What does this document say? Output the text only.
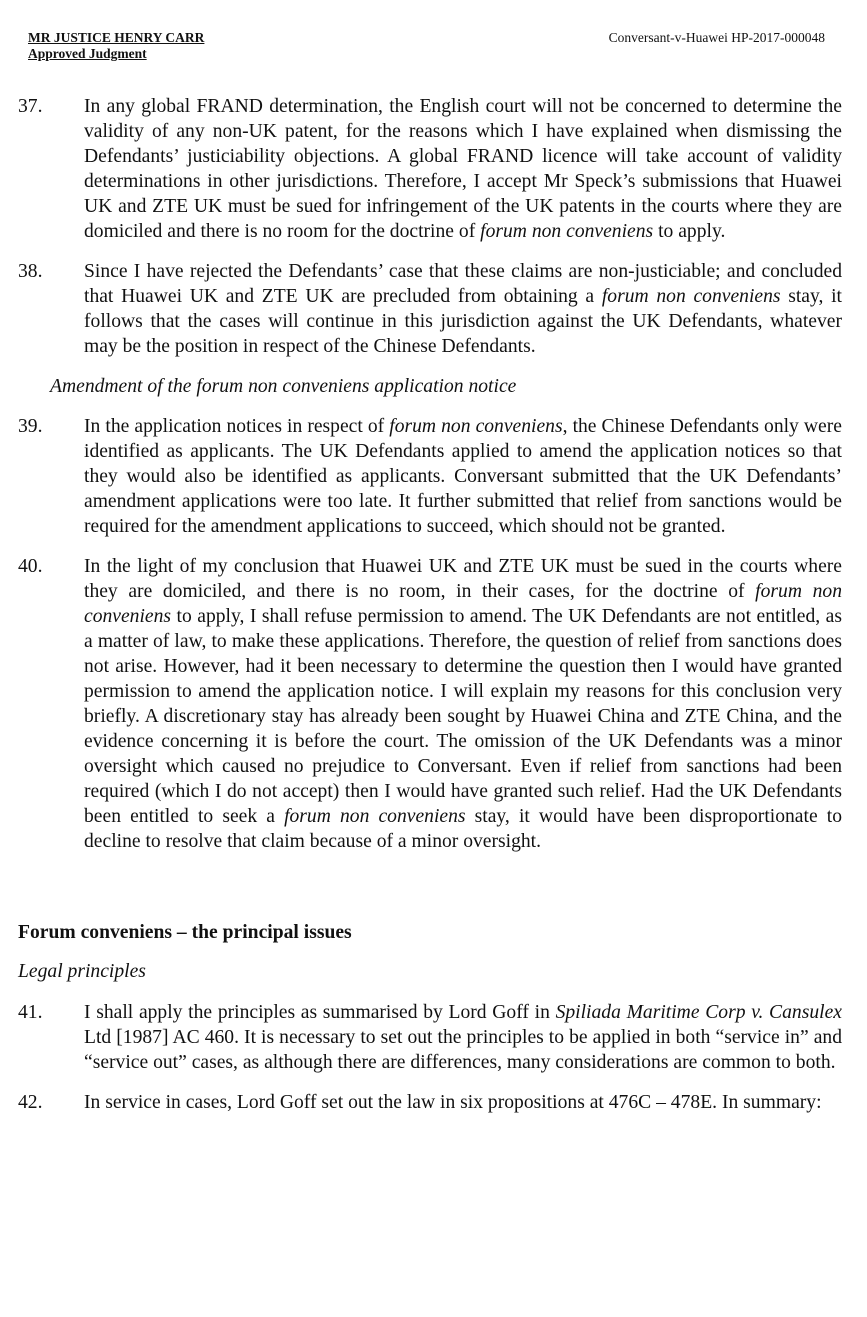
MR JUSTICE HENRY CARR
Approved Judgment
Conversant-v-Huawei HP-2017-000048
37. In any global FRAND determination, the English court will not be concerned to determine the validity of any non-UK patent, for the reasons which I have explained when dismissing the Defendants’ justiciability objections. A global FRAND licence will take account of validity determinations in other jurisdictions. Therefore, I accept Mr Speck’s submissions that Huawei UK and ZTE UK must be sued for infringement of the UK patents in the courts where they are domiciled and there is no room for the doctrine of forum non conveniens to apply.

38. Since I have rejected the Defendants’ case that these claims are non-justiciable; and concluded that Huawei UK and ZTE UK are precluded from obtaining a forum non conveniens stay, it follows that the cases will continue in this jurisdiction against the UK Defendants, whatever may be the position in respect of the Chinese Defendants.

Amendment of the forum non conveniens application notice
39. In the application notices in respect of forum non conveniens, the Chinese Defendants only were identified as applicants. The UK Defendants applied to amend the application notices so that they would also be identified as applicants. Conversant submitted that the UK Defendants’ amendment applications were too late. It further submitted that relief from sanctions would be required for the amendment applications to succeed, which should not be granted.

40. In the light of my conclusion that Huawei UK and ZTE UK must be sued in the courts where they are domiciled, and there is no room, in their cases, for the doctrine of forum non conveniens to apply, I shall refuse permission to amend. The UK Defendants are not entitled, as a matter of law, to make these applications. Therefore, the question of relief from sanctions does not arise. However, had it been necessary to determine the question then I would have granted permission to amend the application notice. I will explain my reasons for this conclusion very briefly. A discretionary stay has already been sought by Huawei China and ZTE China, and the evidence concerning it is before the court. The omission of the UK Defendants was a minor oversight which caused no prejudice to Conversant. Even if relief from sanctions had been required (which I do not accept) then I would have granted such relief. Had the UK Defendants been entitled to seek a forum non conveniens stay, it would have been disproportionate to decline to resolve that claim because of a minor oversight.

Forum conveniens – the principal issues
Legal principles
41. I shall apply the principles as summarised by Lord Goff in Spiliada Maritime Corp v. Cansulex Ltd [1987] AC 460. It is necessary to set out the principles to be applied in both “service in” and “service out” cases, as although there are differences, many considerations are common to both.

42. In service in cases, Lord Goff set out the law in six propositions at 476C – 478E. In summary:
